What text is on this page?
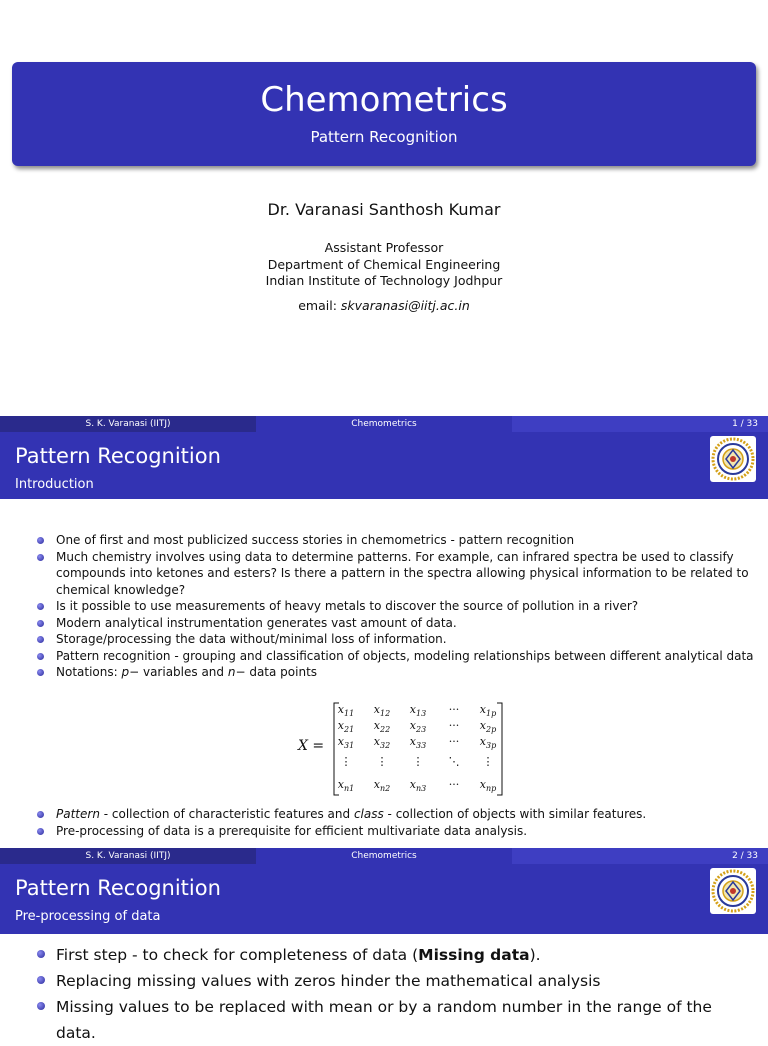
Chemometrics
Pattern Recognition
Dr. Varanasi Santhosh Kumar
Assistant Professor
Department of Chemical Engineering
Indian Institute of Technology Jodhpur
email: skvaranasi@iitj.ac.in
S. K. Varanasi (IITJ)	Chemometrics	1 / 33
Pattern Recognition
Introduction
One of first and most publicized success stories in chemometrics - pattern recognition
Much chemistry involves using data to determine patterns. For example, can infrared spectra be used to classify compounds into ketones and esters? Is there a pattern in the spectra allowing physical information to be related to chemical knowledge?
Is it possible to use measurements of heavy metals to discover the source of pollution in a river?
Modern analytical instrumentation generates vast amount of data.
Storage/processing the data without/minimal loss of information.
Pattern recognition - grouping and classification of objects, modeling relationships between different analytical data
Notations: p− variables and n− data points
X =
$x_{11}$	$x_{12}$	$x_{13}$	···	$x_{1p}$
$x_{21}$	$x_{22}$	$x_{23}$	···	$x_{2p}$
$x_{31}$	$x_{32}$	$x_{33}$	···	$x_{3p}$
⋮	⋮	⋮	⋱	⋮
$x_{n1}$	$x_{n2}$	$x_{n3}$	···	$x_{np}$
Pattern - collection of characteristic features and class - collection of objects with similar features.
Pre-processing of data is a prerequisite for efficient multivariate data analysis.
S. K. Varanasi (IITJ)	Chemometrics	2 / 33
Pattern Recognition
Pre-processing of data
First step - to check for completeness of data (Missing data).
Replacing missing values with zeros hinder the mathematical analysis
Missing values to be replaced with mean or by a random number in the range of the data.
